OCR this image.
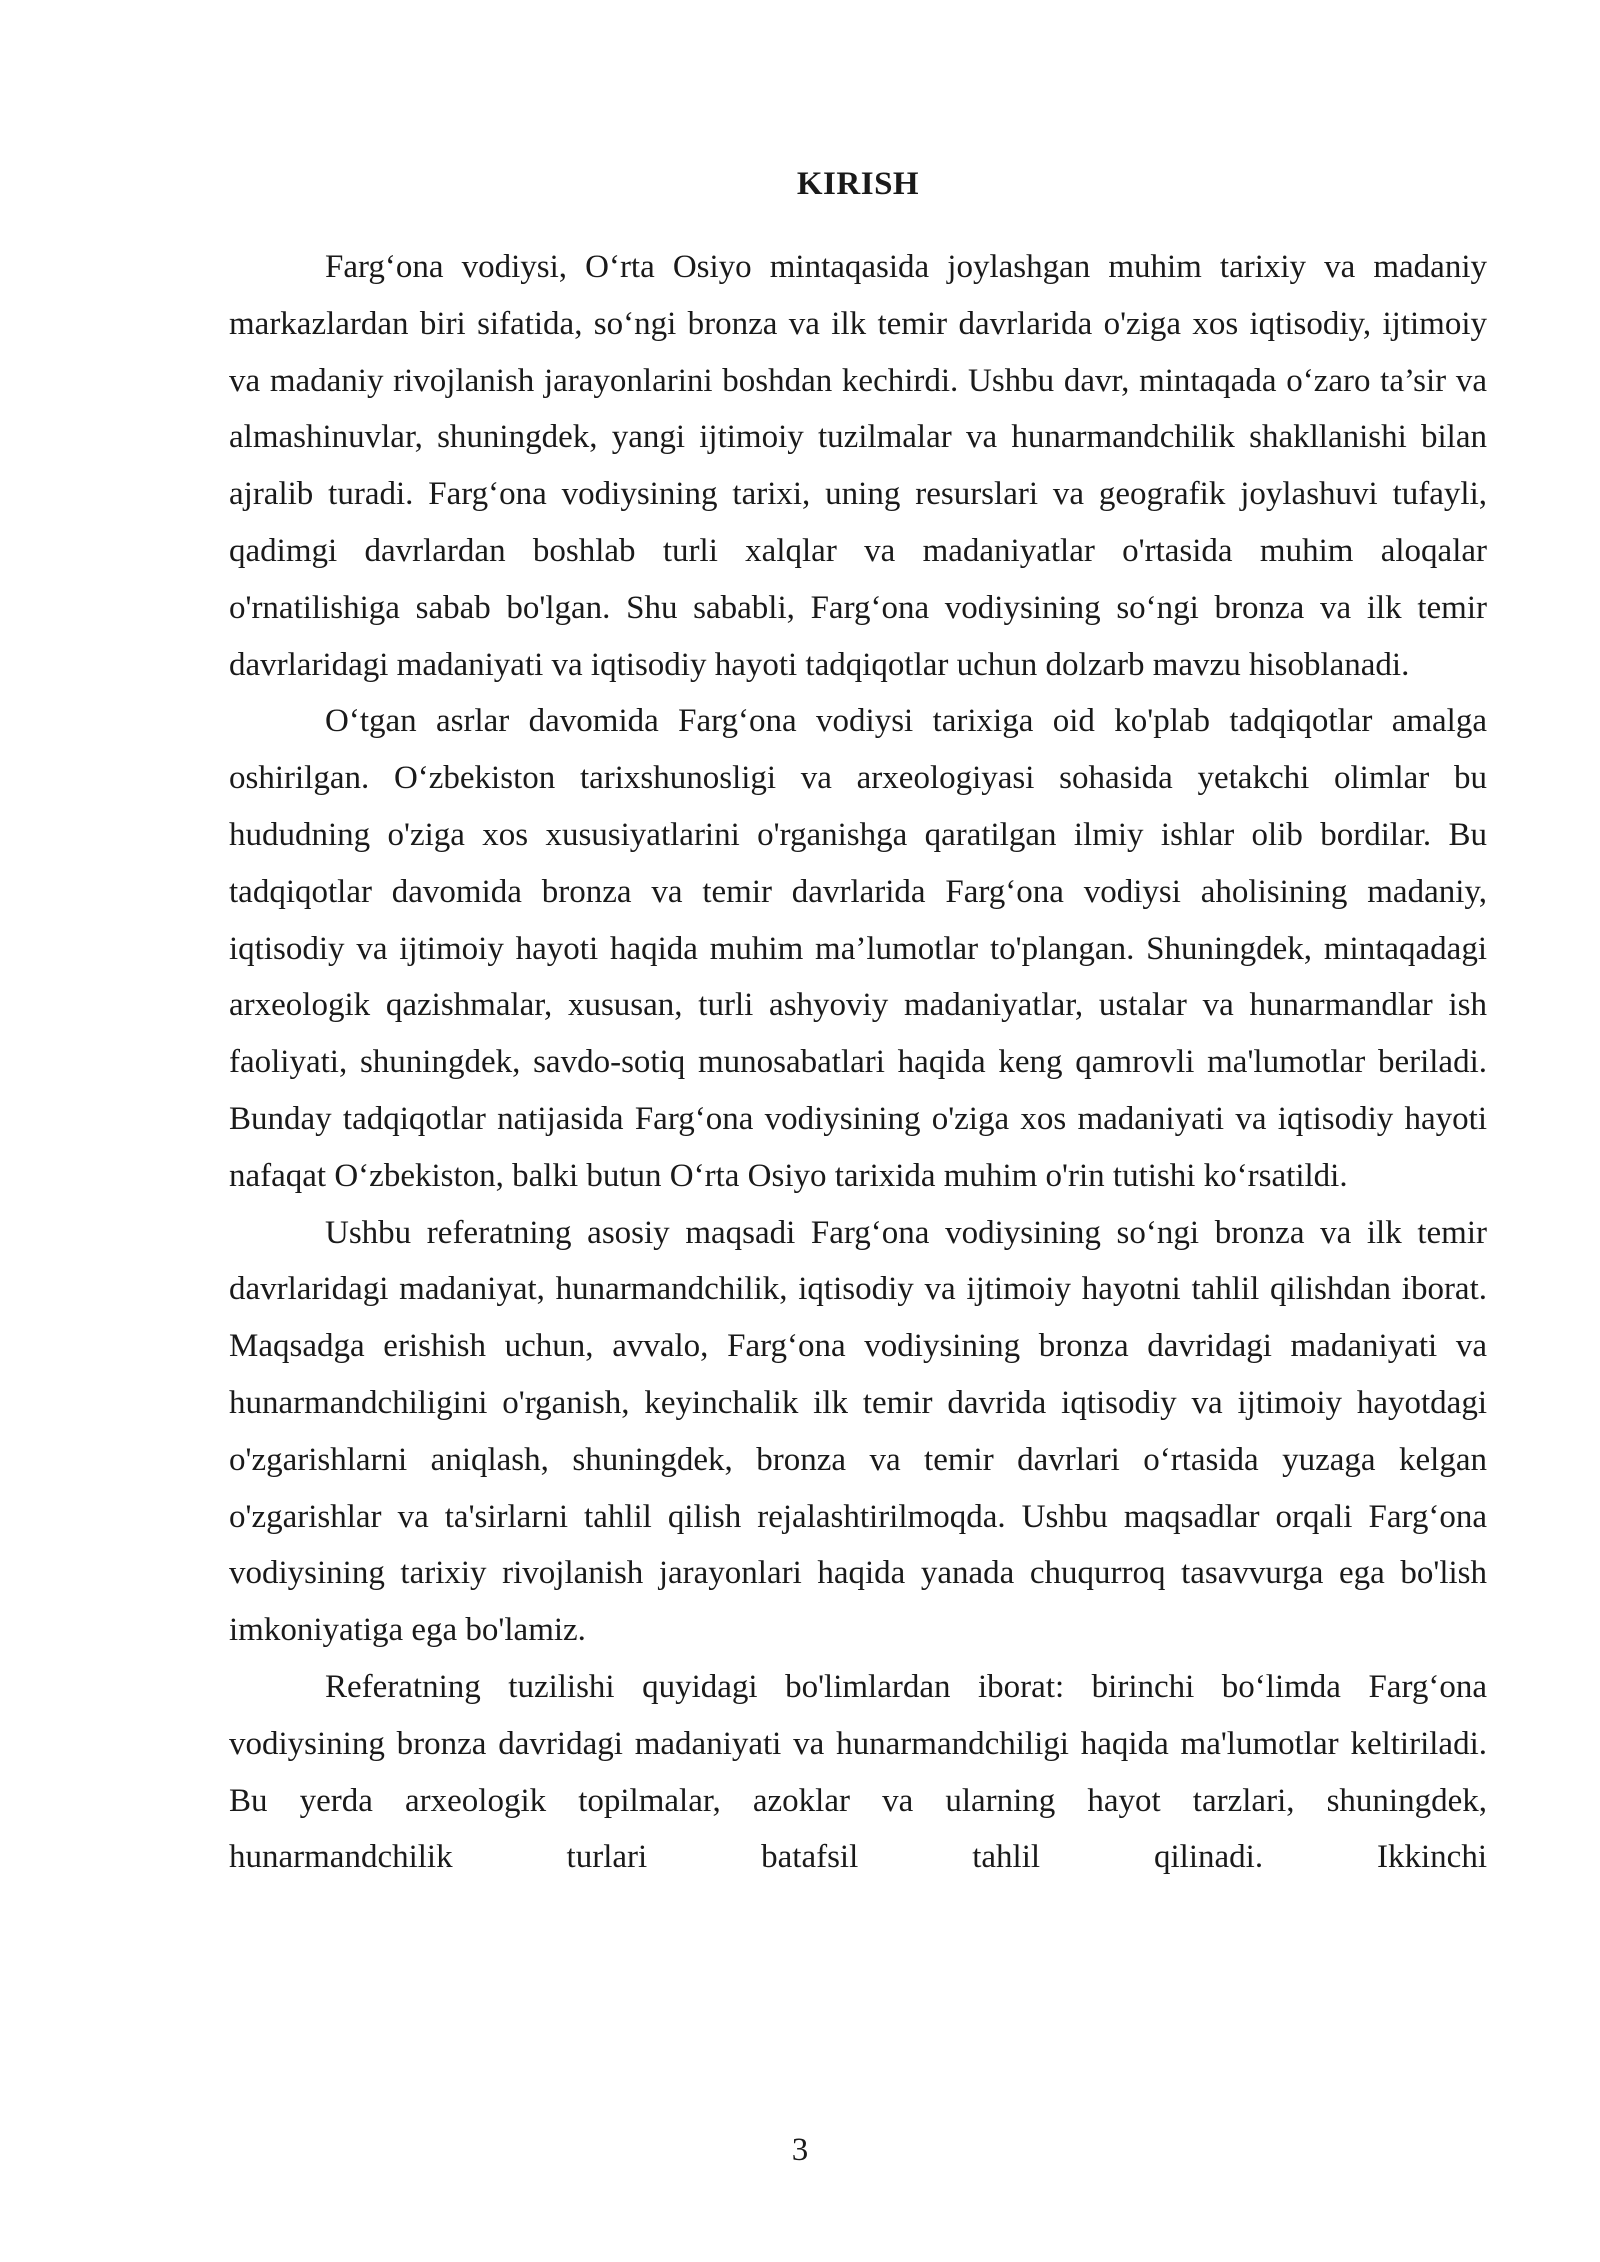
KIRISH

Farg‘ona vodiysi, O‘rta Osiyo mintaqasida joylashgan muhim tarixiy va madaniy markazlardan biri sifatida, so‘ngi bronza va ilk temir davrlarida o'ziga xos iqtisodiy, ijtimoiy va madaniy rivojlanish jarayonlarini boshdan kechirdi. Ushbu davr, mintaqada o‘zaro ta’sir va almashinuvlar, shuningdek, yangi ijtimoiy tuzilmalar va hunarmandchilik shakllanishi bilan ajralib turadi. Farg‘ona vodiysining tarixi, uning resurslari va geografik joylashuvi tufayli, qadimgi davrlardan boshlab turli xalqlar va madaniyatlar o'rtasida muhim aloqalar o'rnatilishiga sabab bo'lgan. Shu sababli, Farg‘ona vodiysining so‘ngi bronza va ilk temir davrlaridagi madaniyati va iqtisodiy hayoti tadqiqotlar uchun dolzarb mavzu hisoblanadi.

O‘tgan asrlar davomida Farg‘ona vodiysi tarixiga oid ko'plab tadqiqotlar amalga oshirilgan. O‘zbekiston tarixshunosligi va arxeologiyasi sohasida yetakchi olimlar bu hududning o'ziga xos xususiyatlarini o'rganishga qaratilgan ilmiy ishlar olib bordilar. Bu tadqiqotlar davomida bronza va temir davrlarida Farg‘ona vodiysi aholisining madaniy, iqtisodiy va ijtimoiy hayoti haqida muhim ma’lumotlar to'plangan. Shuningdek, mintaqadagi arxeologik qazishmalar, xususan, turli ashyoviy madaniyatlar, ustalar va hunarmandlar ish faoliyati, shuningdek, savdo-sotiq munosabatlari haqida keng qamrovli ma'lumotlar beriladi. Bunday tadqiqotlar natijasida Farg‘ona vodiysining o'ziga xos madaniyati va iqtisodiy hayoti nafaqat O‘zbekiston, balki butun O‘rta Osiyo tarixida muhim o'rin tutishi ko‘rsatildi.

Ushbu referatning asosiy maqsadi Farg‘ona vodiysining so‘ngi bronza va ilk temir davrlaridagi madaniyat, hunarmandchilik, iqtisodiy va ijtimoiy hayotni tahlil qilishdan iborat. Maqsadga erishish uchun, avvalo, Farg‘ona vodiysining bronza davridagi madaniyati va hunarmandchiligini o'rganish, keyinchalik ilk temir davrida iqtisodiy va ijtimoiy hayotdagi o'zgarishlarni aniqlash, shuningdek, bronza va temir davrlari o‘rtasida yuzaga kelgan o'zgarishlar va ta'sirlarni tahlil qilish rejalashtirilmoqda. Ushbu maqsadlar orqali Farg‘ona vodiysining tarixiy rivojlanish jarayonlari haqida yanada chuqurroq tasavvurga ega bo'lish imkoniyatiga ega bo'lamiz.

Referatning tuzilishi quyidagi bo'limlardan iborat: birinchi bo‘limda Farg‘ona vodiysining bronza davridagi madaniyati va hunarmandchiligi haqida ma'lumotlar keltiriladi. Bu yerda arxeologik topilmalar, azoklar va ularning hayot tarzlari, shuningdek, hunarmandchilik turlari batafsil tahlil qilinadi. Ikkinchi

3
